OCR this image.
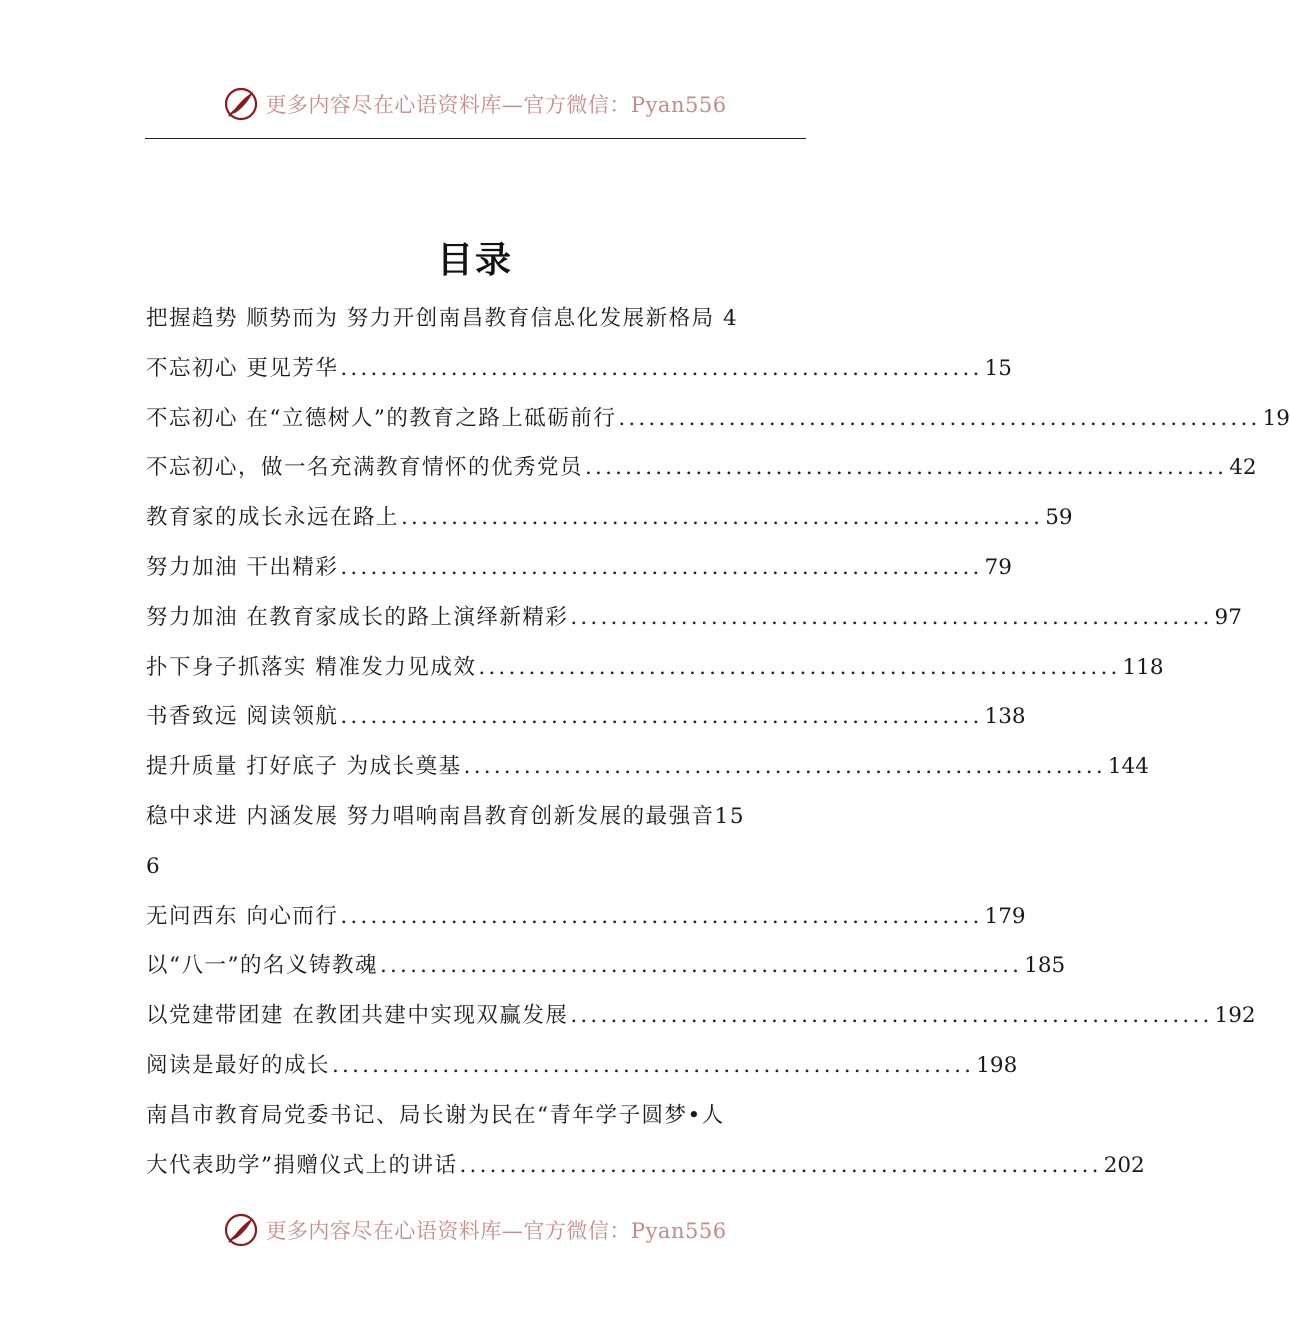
更多内容尽在心语资料库—官方微信：Pyan556
目录
把握趋势 顺势而为 努力开创南昌教育信息化发展新格局 4
不忘初心 更见芳华 ................................................................ 15
不忘初心 在“立德树人”的教育之路上砥砺前行 ................................................................ 19
不忘初心，做一名充满教育情怀的优秀党员 ................................................................ 42
教育家的成长永远在路上 ................................................................ 59
努力加油 干出精彩 ................................................................ 79
努力加油 在教育家成长的路上演绎新精彩 ................................................................ 97
扑下身子抓落实 精准发力见成效 ................................................................ 118
书香致远 阅读领航 ................................................................ 138
提升质量 打好底子 为成长奠基 ................................................................ 144
稳中求进 内涵发展 努力唱响南昌教育创新发展的最强音15
6
无问西东 向心而行 ................................................................ 179
以“八一”的名义铸教魂 ................................................................ 185
以党建带团建 在教团共建中实现双赢发展 ................................................................ 192
阅读是最好的成长 ................................................................ 198
南昌市教育局党委书记、局长谢为民在“青年学子圆梦•人
大代表助学”捐赠仪式上的讲话 ................................................................ 202
更多内容尽在心语资料库—官方微信：Pyan556
